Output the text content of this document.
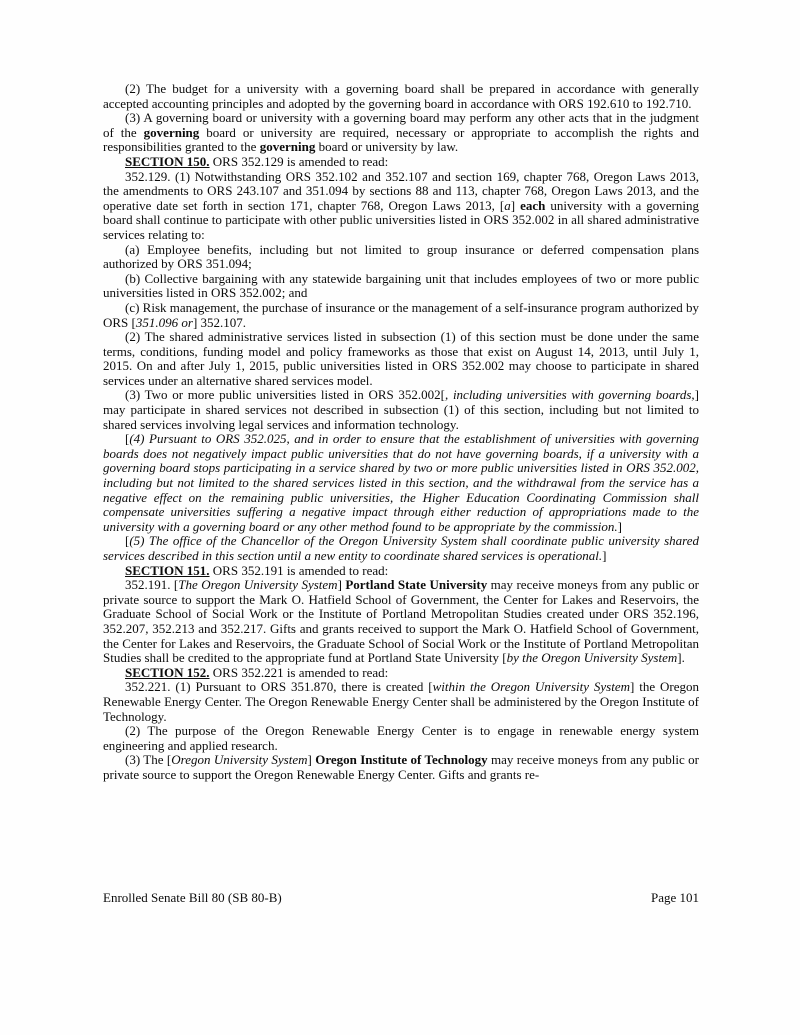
(2) The budget for a university with a governing board shall be prepared in accordance with generally accepted accounting principles and adopted by the governing board in accordance with ORS 192.610 to 192.710.

(3) A governing board or university with a governing board may perform any other acts that in the judgment of the governing board or university are required, necessary or appropriate to accomplish the rights and responsibilities granted to the governing board or university by law.

SECTION 150. ORS 352.129 is amended to read:

352.129. (1) Notwithstanding ORS 352.102 and 352.107 and section 169, chapter 768, Oregon Laws 2013, the amendments to ORS 243.107 and 351.094 by sections 88 and 113, chapter 768, Oregon Laws 2013, and the operative date set forth in section 171, chapter 768, Oregon Laws 2013, [a] each university with a governing board shall continue to participate with other public universities listed in ORS 352.002 in all shared administrative services relating to:

(a) Employee benefits, including but not limited to group insurance or deferred compensation plans authorized by ORS 351.094;

(b) Collective bargaining with any statewide bargaining unit that includes employees of two or more public universities listed in ORS 352.002; and

(c) Risk management, the purchase of insurance or the management of a self-insurance program authorized by ORS [351.096 or] 352.107.

(2) The shared administrative services listed in subsection (1) of this section must be done under the same terms, conditions, funding model and policy frameworks as those that exist on August 14, 2013, until July 1, 2015. On and after July 1, 2015, public universities listed in ORS 352.002 may choose to participate in shared services under an alternative shared services model.

(3) Two or more public universities listed in ORS 352.002[, including universities with governing boards,] may participate in shared services not described in subsection (1) of this section, including but not limited to shared services involving legal services and information technology.

[(4) Pursuant to ORS 352.025, and in order to ensure that the establishment of universities with governing boards does not negatively impact public universities that do not have governing boards, if a university with a governing board stops participating in a service shared by two or more public universities listed in ORS 352.002, including but not limited to the shared services listed in this section, and the withdrawal from the service has a negative effect on the remaining public universities, the Higher Education Coordinating Commission shall compensate universities suffering a negative impact through either reduction of appropriations made to the university with a governing board or any other method found to be appropriate by the commission.]

[(5) The office of the Chancellor of the Oregon University System shall coordinate public university shared services described in this section until a new entity to coordinate shared services is operational.]

SECTION 151. ORS 352.191 is amended to read:

352.191. [The Oregon University System] Portland State University may receive moneys from any public or private source to support the Mark O. Hatfield School of Government, the Center for Lakes and Reservoirs, the Graduate School of Social Work or the Institute of Portland Metropolitan Studies created under ORS 352.196, 352.207, 352.213 and 352.217. Gifts and grants received to support the Mark O. Hatfield School of Government, the Center for Lakes and Reservoirs, the Graduate School of Social Work or the Institute of Portland Metropolitan Studies shall be credited to the appropriate fund at Portland State University [by the Oregon University System].

SECTION 152. ORS 352.221 is amended to read:

352.221. (1) Pursuant to ORS 351.870, there is created [within the Oregon University System] the Oregon Renewable Energy Center. The Oregon Renewable Energy Center shall be administered by the Oregon Institute of Technology.

(2) The purpose of the Oregon Renewable Energy Center is to engage in renewable energy system engineering and applied research.

(3) The [Oregon University System] Oregon Institute of Technology may receive moneys from any public or private source to support the Oregon Renewable Energy Center. Gifts and grants re-

Enrolled Senate Bill 80 (SB 80-B)	Page 101
